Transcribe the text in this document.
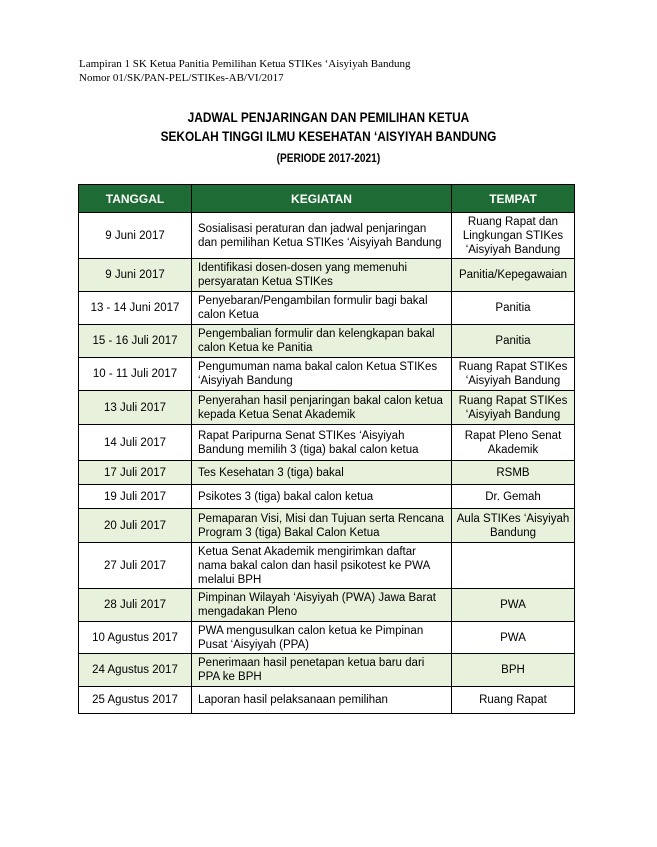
Lampiran 1 SK Ketua Panitia Pemilihan Ketua STIKes ‘Aisyiyah Bandung
Nomor 01/SK/PAN-PEL/STIKes-AB/VI/2017
JADWAL PENJARINGAN DAN PEMILIHAN KETUA
SEKOLAH TINGGI ILMU KESEHATAN ‘AISYIYAH BANDUNG
(PERIODE 2017-2021)
TANGGAL	KEGIATAN	TEMPAT
9 Juni 2017	Sosialisasi peraturan dan jadwal penjaringan dan pemilihan Ketua STIKes ‘Aisyiyah Bandung	Ruang Rapat dan Lingkungan STIKes ‘Aisyiyah Bandung
9 Juni 2017	Identifikasi dosen-dosen yang memenuhi persyaratan Ketua STIKes	Panitia/Kepegawaian
13 - 14 Juni 2017	Penyebaran/Pengambilan formulir bagi bakal calon Ketua	Panitia
15 - 16 Juli 2017	Pengembalian formulir dan kelengkapan bakal calon Ketua ke Panitia	Panitia
10 - 11 Juli 2017	Pengumuman nama bakal calon Ketua STIKes ‘Aisyiyah Bandung	Ruang Rapat STIKes ‘Aisyiyah Bandung
13 Juli 2017	Penyerahan hasil penjaringan bakal calon ketua kepada Ketua Senat Akademik	Ruang Rapat STIKes ‘Aisyiyah Bandung
14 Juli 2017	Rapat Paripurna Senat STIKes ‘Aisyiyah Bandung memilih 3 (tiga) bakal calon ketua	Rapat Pleno Senat Akademik
17 Juli 2017	Tes Kesehatan 3 (tiga) bakal	RSMB
19 Juli 2017	Psikotes 3 (tiga) bakal calon ketua	Dr. Gemah
20 Juli 2017	Pemaparan Visi, Misi dan Tujuan serta Rencana Program 3 (tiga) Bakal Calon Ketua	Aula STIKes ‘Aisyiyah Bandung
27 Juli 2017	Ketua Senat Akademik mengirimkan daftar nama bakal calon dan hasil psikotest ke PWA melalui BPH	
28 Juli 2017	Pimpinan Wilayah ‘Aisyiyah (PWA) Jawa Barat mengadakan Pleno	PWA
10 Agustus 2017	PWA mengusulkan calon ketua ke Pimpinan Pusat ‘Aisyiyah (PPA)	PWA
24 Agustus 2017	Penerimaan hasil penetapan ketua baru dari PPA ke BPH	BPH
25 Agustus 2017	Laporan hasil pelaksanaan pemilihan	Ruang Rapat
